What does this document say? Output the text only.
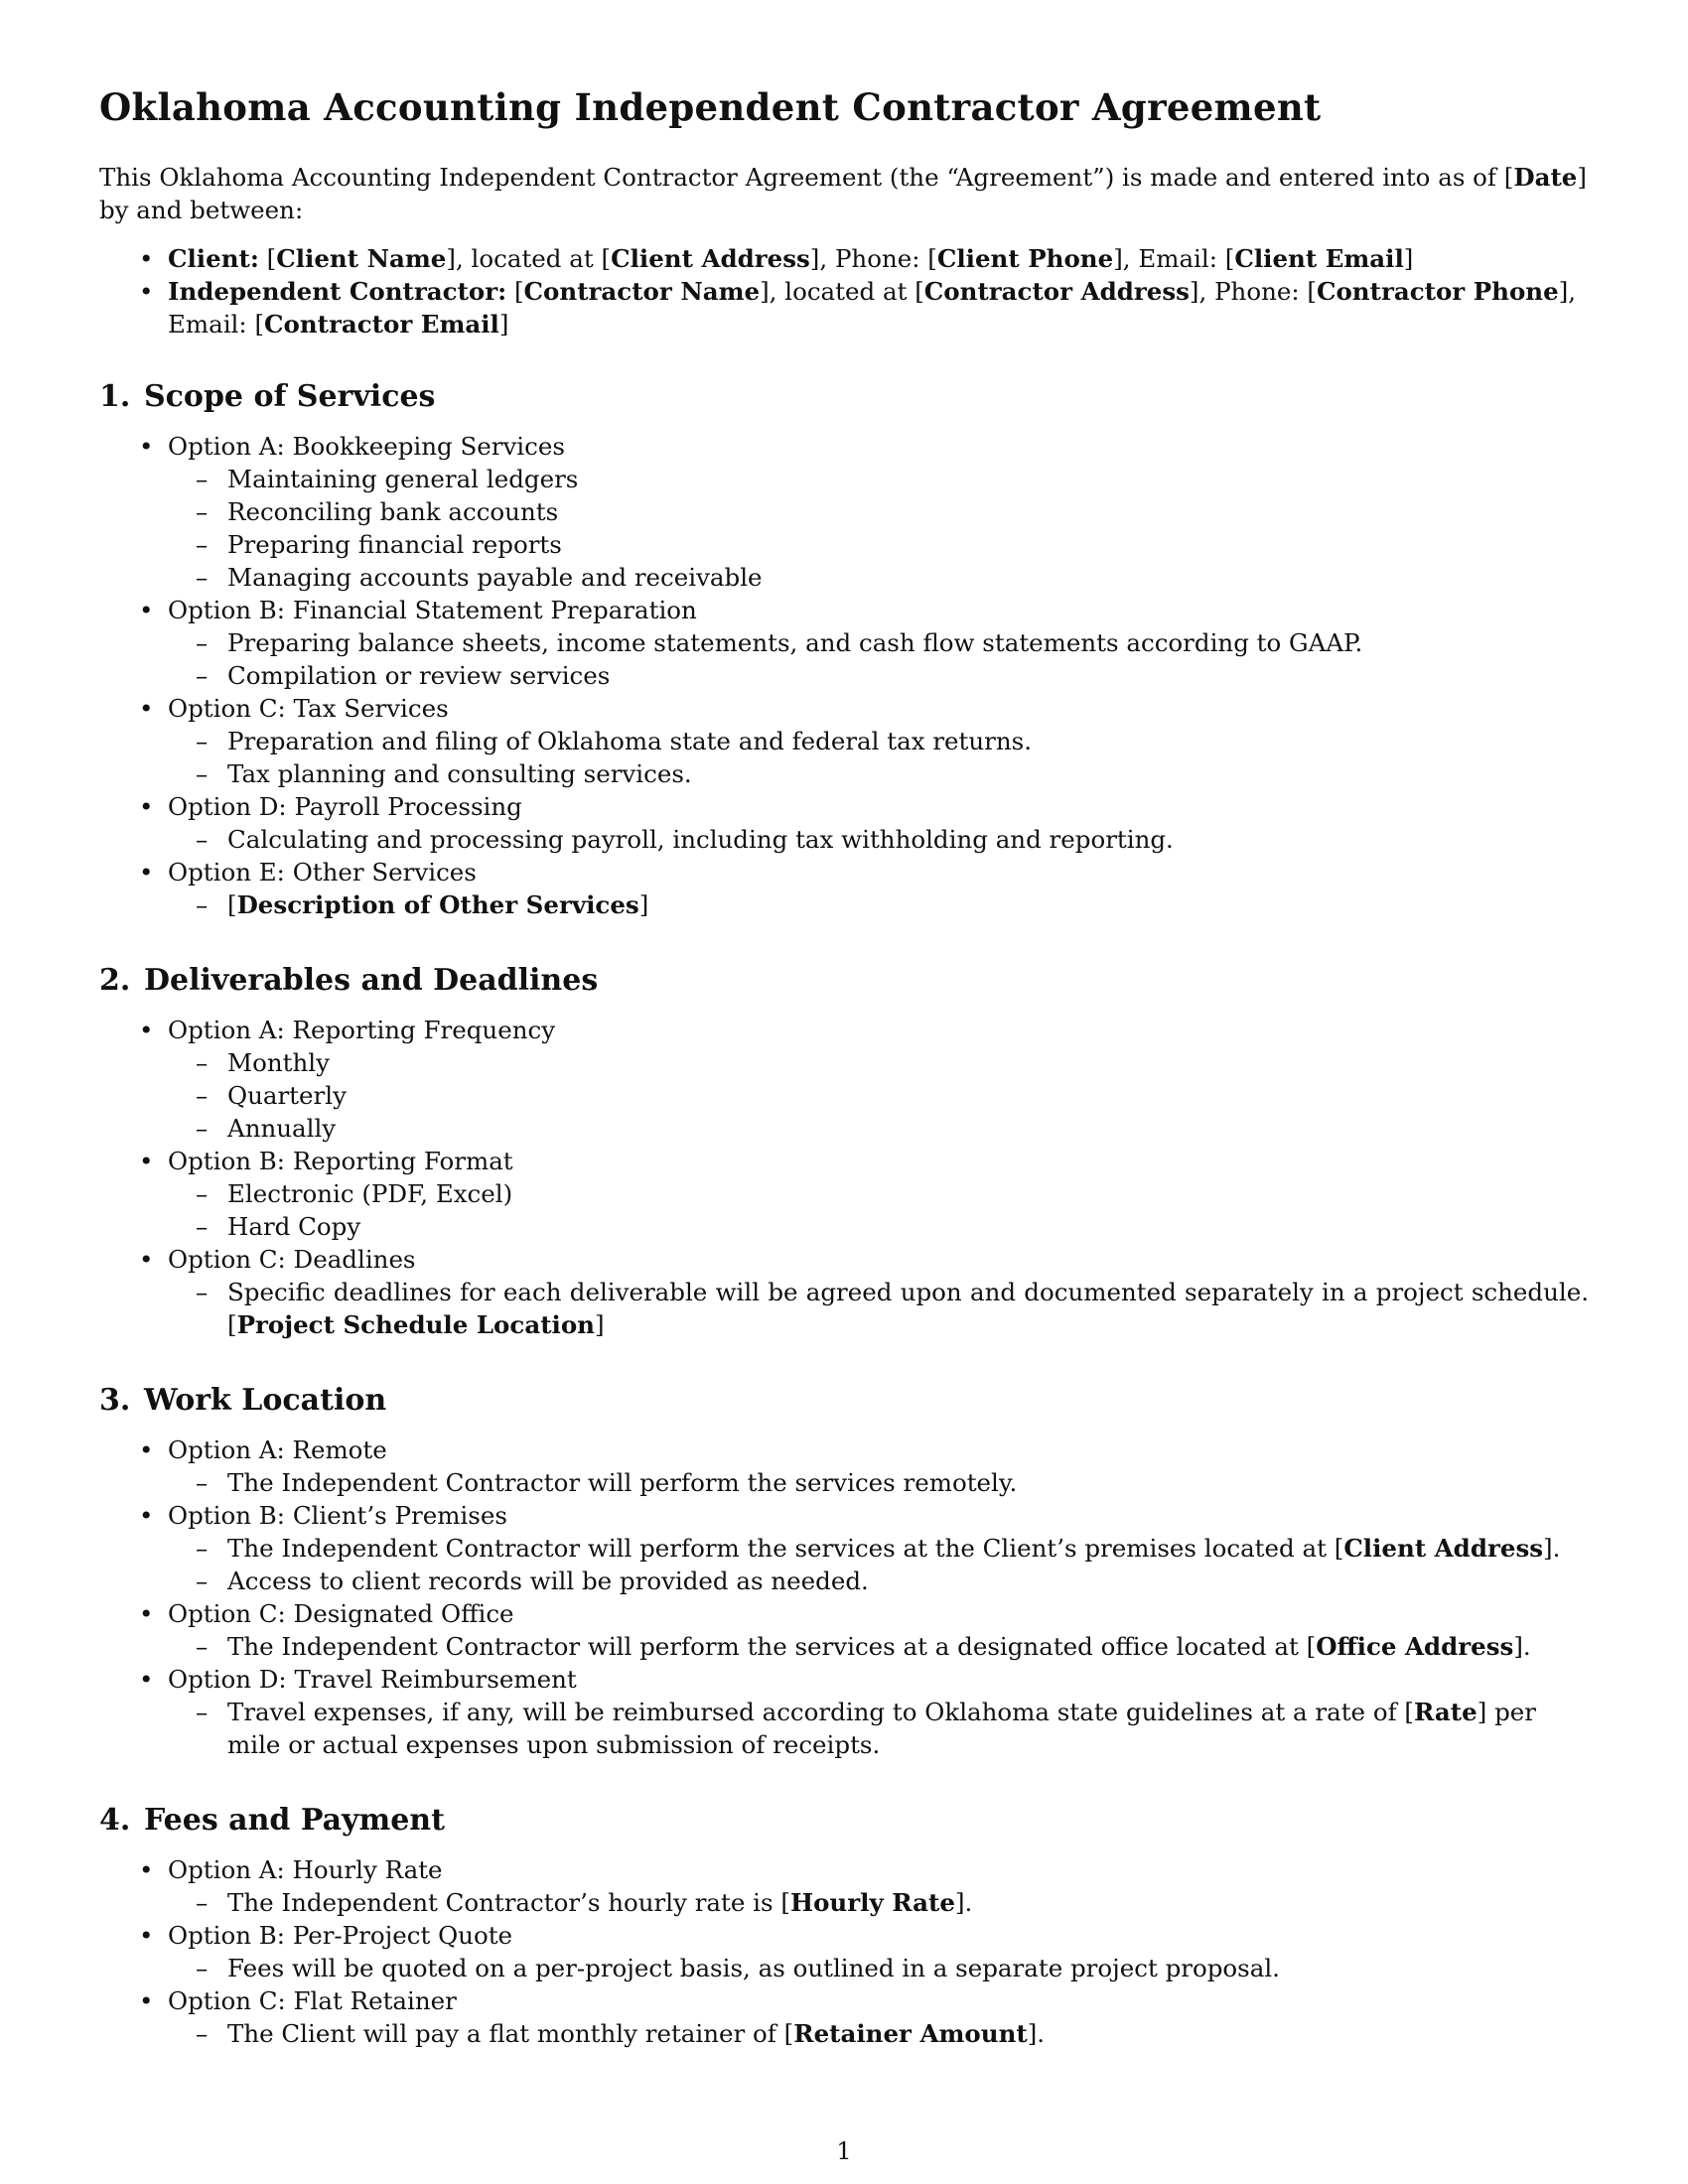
Oklahoma Accounting Independent Contractor Agreement

This Oklahoma Accounting Independent Contractor Agreement (the “Agreement”) is made and entered into as of [Date] by and between:

• Client: [Client Name], located at [Client Address], Phone: [Client Phone], Email: [Client Email]
• Independent Contractor: [Contractor Name], located at [Contractor Address], Phone: [Contractor Phone], Email: [Contractor Email]
1. Scope of Services
• Option A: Bookkeeping Services
– Maintaining general ledgers
– Reconciling bank accounts
– Preparing financial reports
– Managing accounts payable and receivable
• Option B: Financial Statement Preparation
– Preparing balance sheets, income statements, and cash flow statements according to GAAP.
– Compilation or review services
• Option C: Tax Services
– Preparation and filing of Oklahoma state and federal tax returns.
– Tax planning and consulting services.
• Option D: Payroll Processing
– Calculating and processing payroll, including tax withholding and reporting.
• Option E: Other Services
– [Description of Other Services]
2. Deliverables and Deadlines
• Option A: Reporting Frequency
– Monthly
– Quarterly
– Annually
• Option B: Reporting Format
– Electronic (PDF, Excel)
– Hard Copy
• Option C: Deadlines
– Specific deadlines for each deliverable will be agreed upon and documented separately in a project schedule. [Project Schedule Location]
3. Work Location
• Option A: Remote
– The Independent Contractor will perform the services remotely.
• Option B: Client’s Premises
– The Independent Contractor will perform the services at the Client’s premises located at [Client Address].
– Access to client records will be provided as needed.
• Option C: Designated Office
– The Independent Contractor will perform the services at a designated office located at [Office Address].
• Option D: Travel Reimbursement
– Travel expenses, if any, will be reimbursed according to Oklahoma state guidelines at a rate of [Rate] per mile or actual expenses upon submission of receipts.
4. Fees and Payment
• Option A: Hourly Rate
– The Independent Contractor’s hourly rate is [Hourly Rate].
• Option B: Per-Project Quote
– Fees will be quoted on a per-project basis, as outlined in a separate project proposal.
• Option C: Flat Retainer
– The Client will pay a flat monthly retainer of [Retainer Amount].
1
